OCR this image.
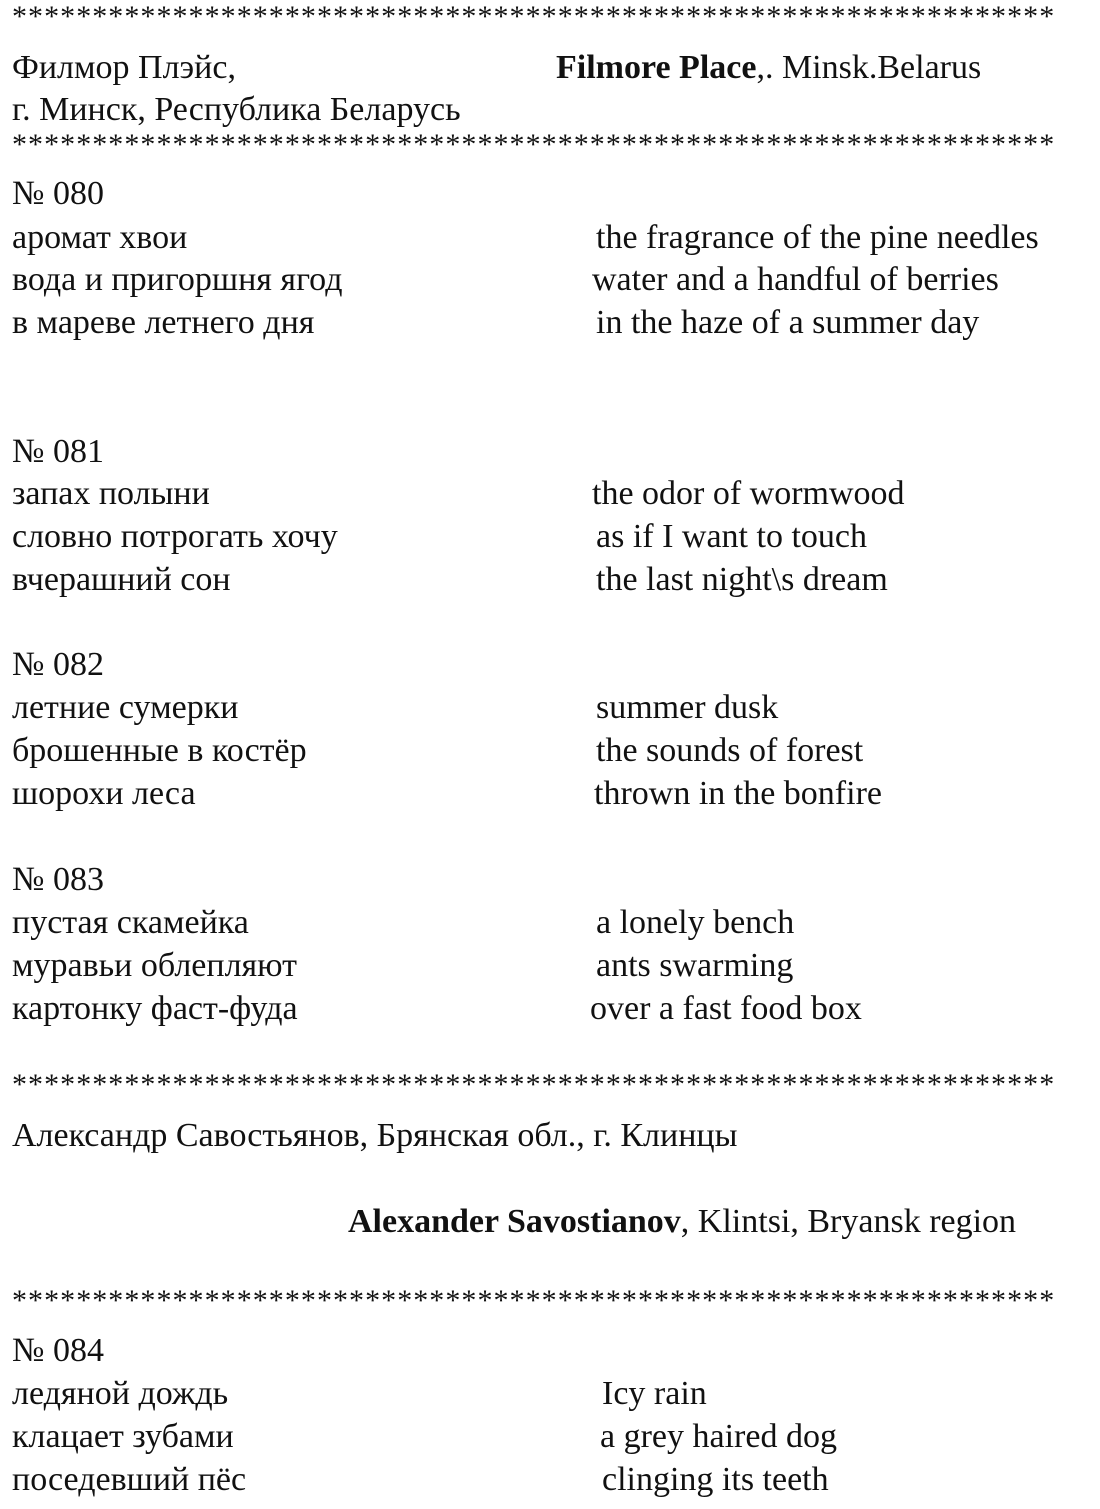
*****************************************************************
Филмор Плэйс,	Filmore Place,. Minsk.Belarus
г. Минск, Республика Беларусь
*****************************************************************
№ 080
аромат хвои
вода и пригоршня ягод
в мареве летнего дня
the fragrance of the pine needles
water and a handful of berries
in the haze of a summer day
№ 081
запах полыни
словно потрогать хочу
вчерашний сон
the odor of wormwood
as if I want to touch
the last night\s dream
№ 082
летние сумерки
брошенные в костёр
шорохи леса
summer dusk
the sounds of forest
thrown in the bonfire
№ 083
пустая скамейка
муравьи облепляют
картонку фаст-фуда
a lonely bench
ants swarming
over a fast food box
*****************************************************************
Александр Савостьянов, Брянская обл., г. Клинцы
Alexander Savostianov, Klintsi, Bryansk region
*****************************************************************
№ 084
ледяной дождь
клацает зубами
поседевший пёс
Icy rain
a grey haired dog
clinging its teeth
